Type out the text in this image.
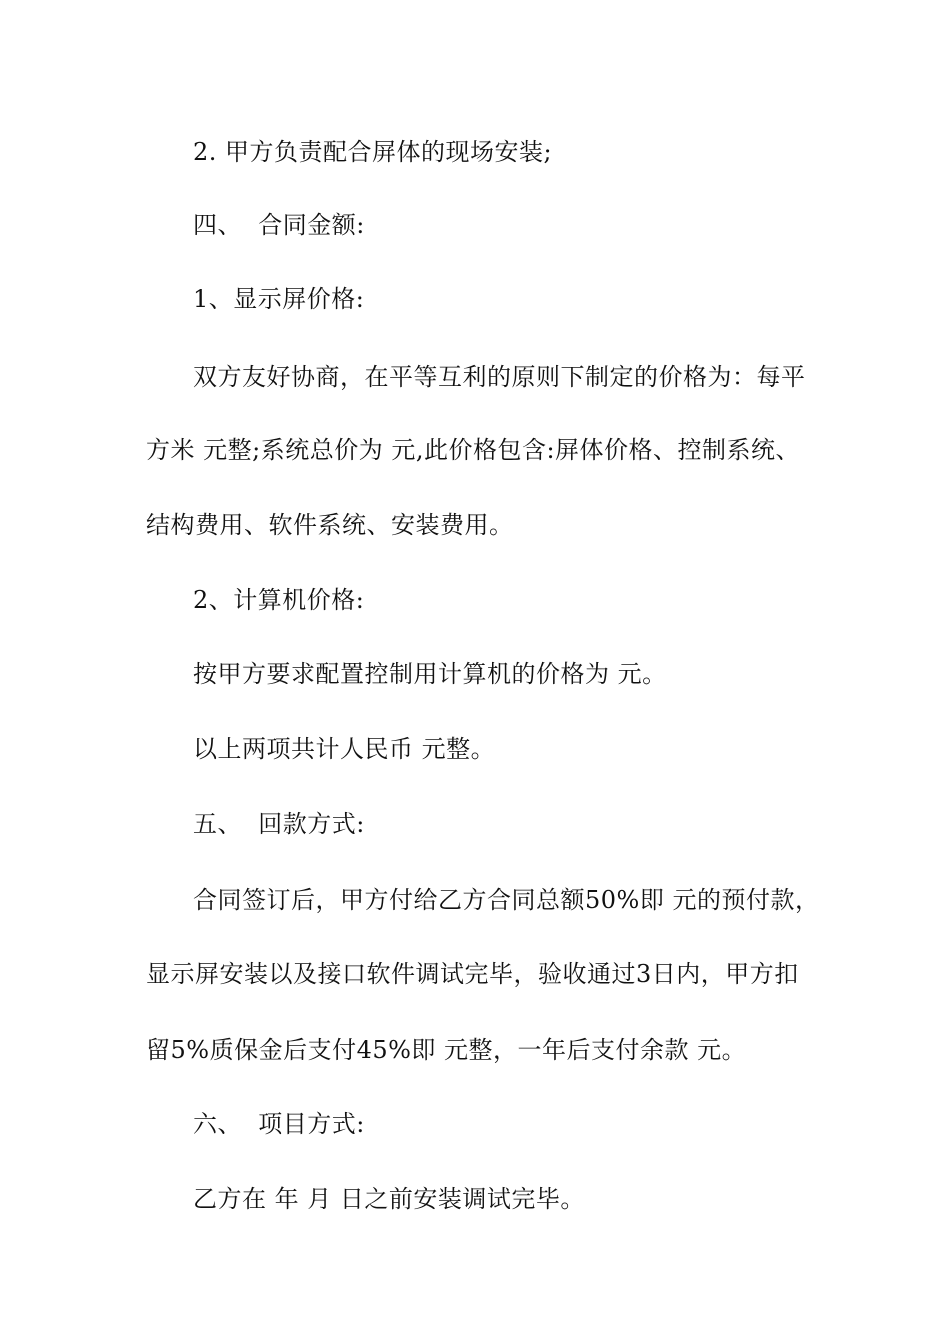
2. 甲方负责配合屏体的现场安装;
四、  合同金额:
1、显示屏价格:
双方友好协商，在平等互利的原则下制定的价格为：每平
方米 元整;系统总价为 元,此价格包含:屏体价格、控制系统、
结构费用、软件系统、安装费用。
2、计算机价格:
按甲方要求配置控制用计算机的价格为 元。
以上两项共计人民币 元整。
五、  回款方式:
合同签订后，甲方付给乙方合同总额50%即 元的预付款，
显示屏安装以及接口软件调试完毕，验收通过3日内，甲方扣
留5%质保金后支付45%即 元整，一年后支付余款 元。
六、  项目方式:
乙方在 年 月 日之前安装调试完毕。
